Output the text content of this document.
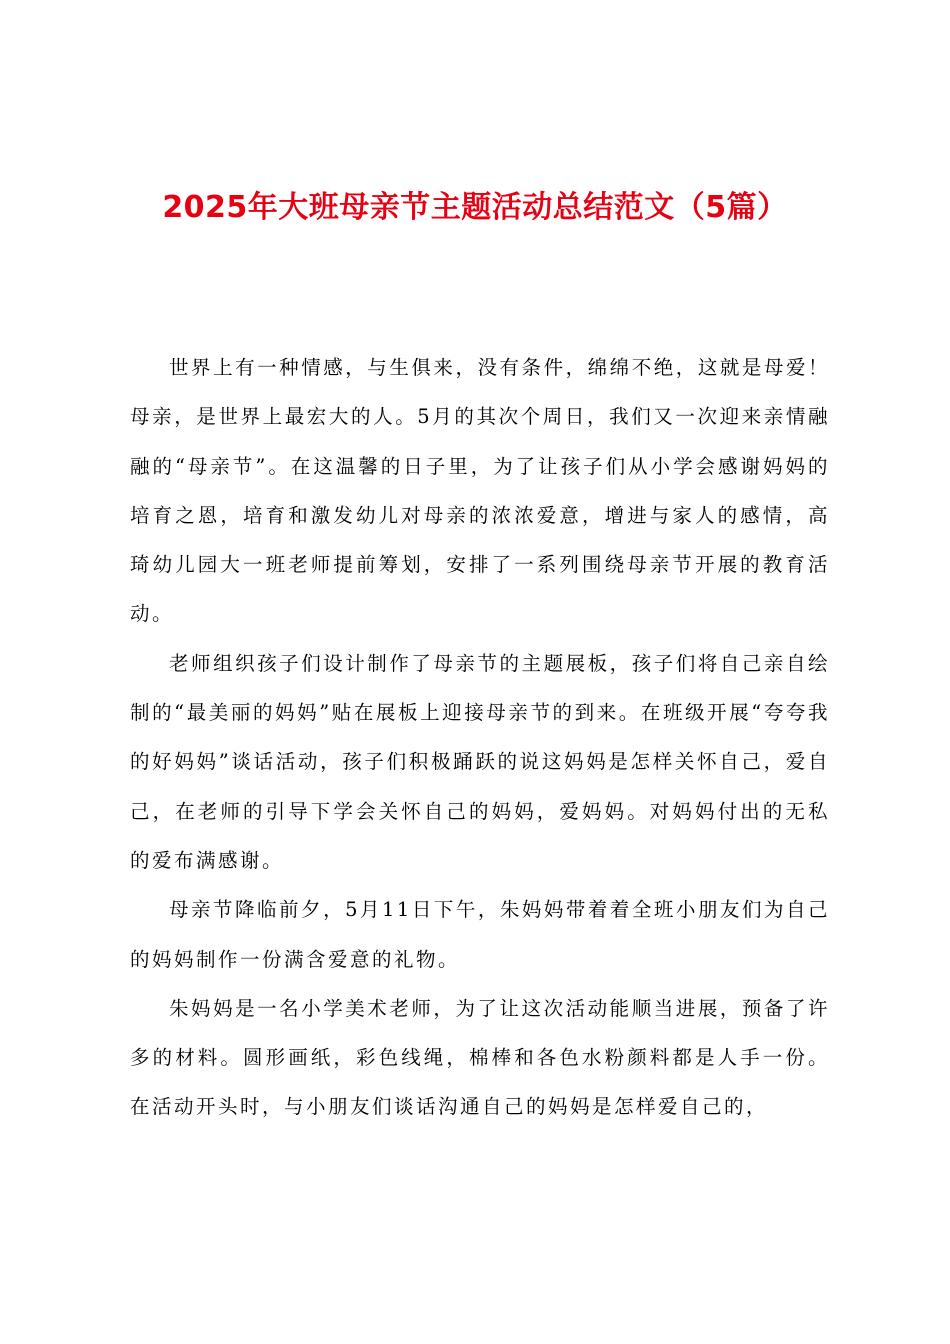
2025年大班母亲节主题活动总结范文（5篇）

世界上有一种情感，与生俱来，没有条件，绵绵不绝，这就是母爱！母亲，是世界上最宏大的人。5月的其次个周日，我们又一次迎来亲情融融的“母亲节”。在这温馨的日子里，为了让孩子们从小学会感谢妈妈的培育之恩，培育和激发幼儿对母亲的浓浓爱意，增进与家人的感情，高琦幼儿园大一班老师提前筹划，安排了一系列围绕母亲节开展的教育活动。

老师组织孩子们设计制作了母亲节的主题展板，孩子们将自己亲自绘制的“最美丽的妈妈”贴在展板上迎接母亲节的到来。在班级开展“夸夸我的好妈妈”谈话活动，孩子们积极踊跃的说这妈妈是怎样关怀自己，爱自己，在老师的引导下学会关怀自己的妈妈，爱妈妈。对妈妈付出的无私的爱布满感谢。

母亲节降临前夕，5月11日下午，朱妈妈带着着全班小朋友们为自己的妈妈制作一份满含爱意的礼物。

朱妈妈是一名小学美术老师，为了让这次活动能顺当进展，预备了许多的材料。圆形画纸，彩色线绳，棉棒和各色水粉颜料都是人手一份。在活动开头时，与小朋友们谈话沟通自己的妈妈是怎样爱自己的，
